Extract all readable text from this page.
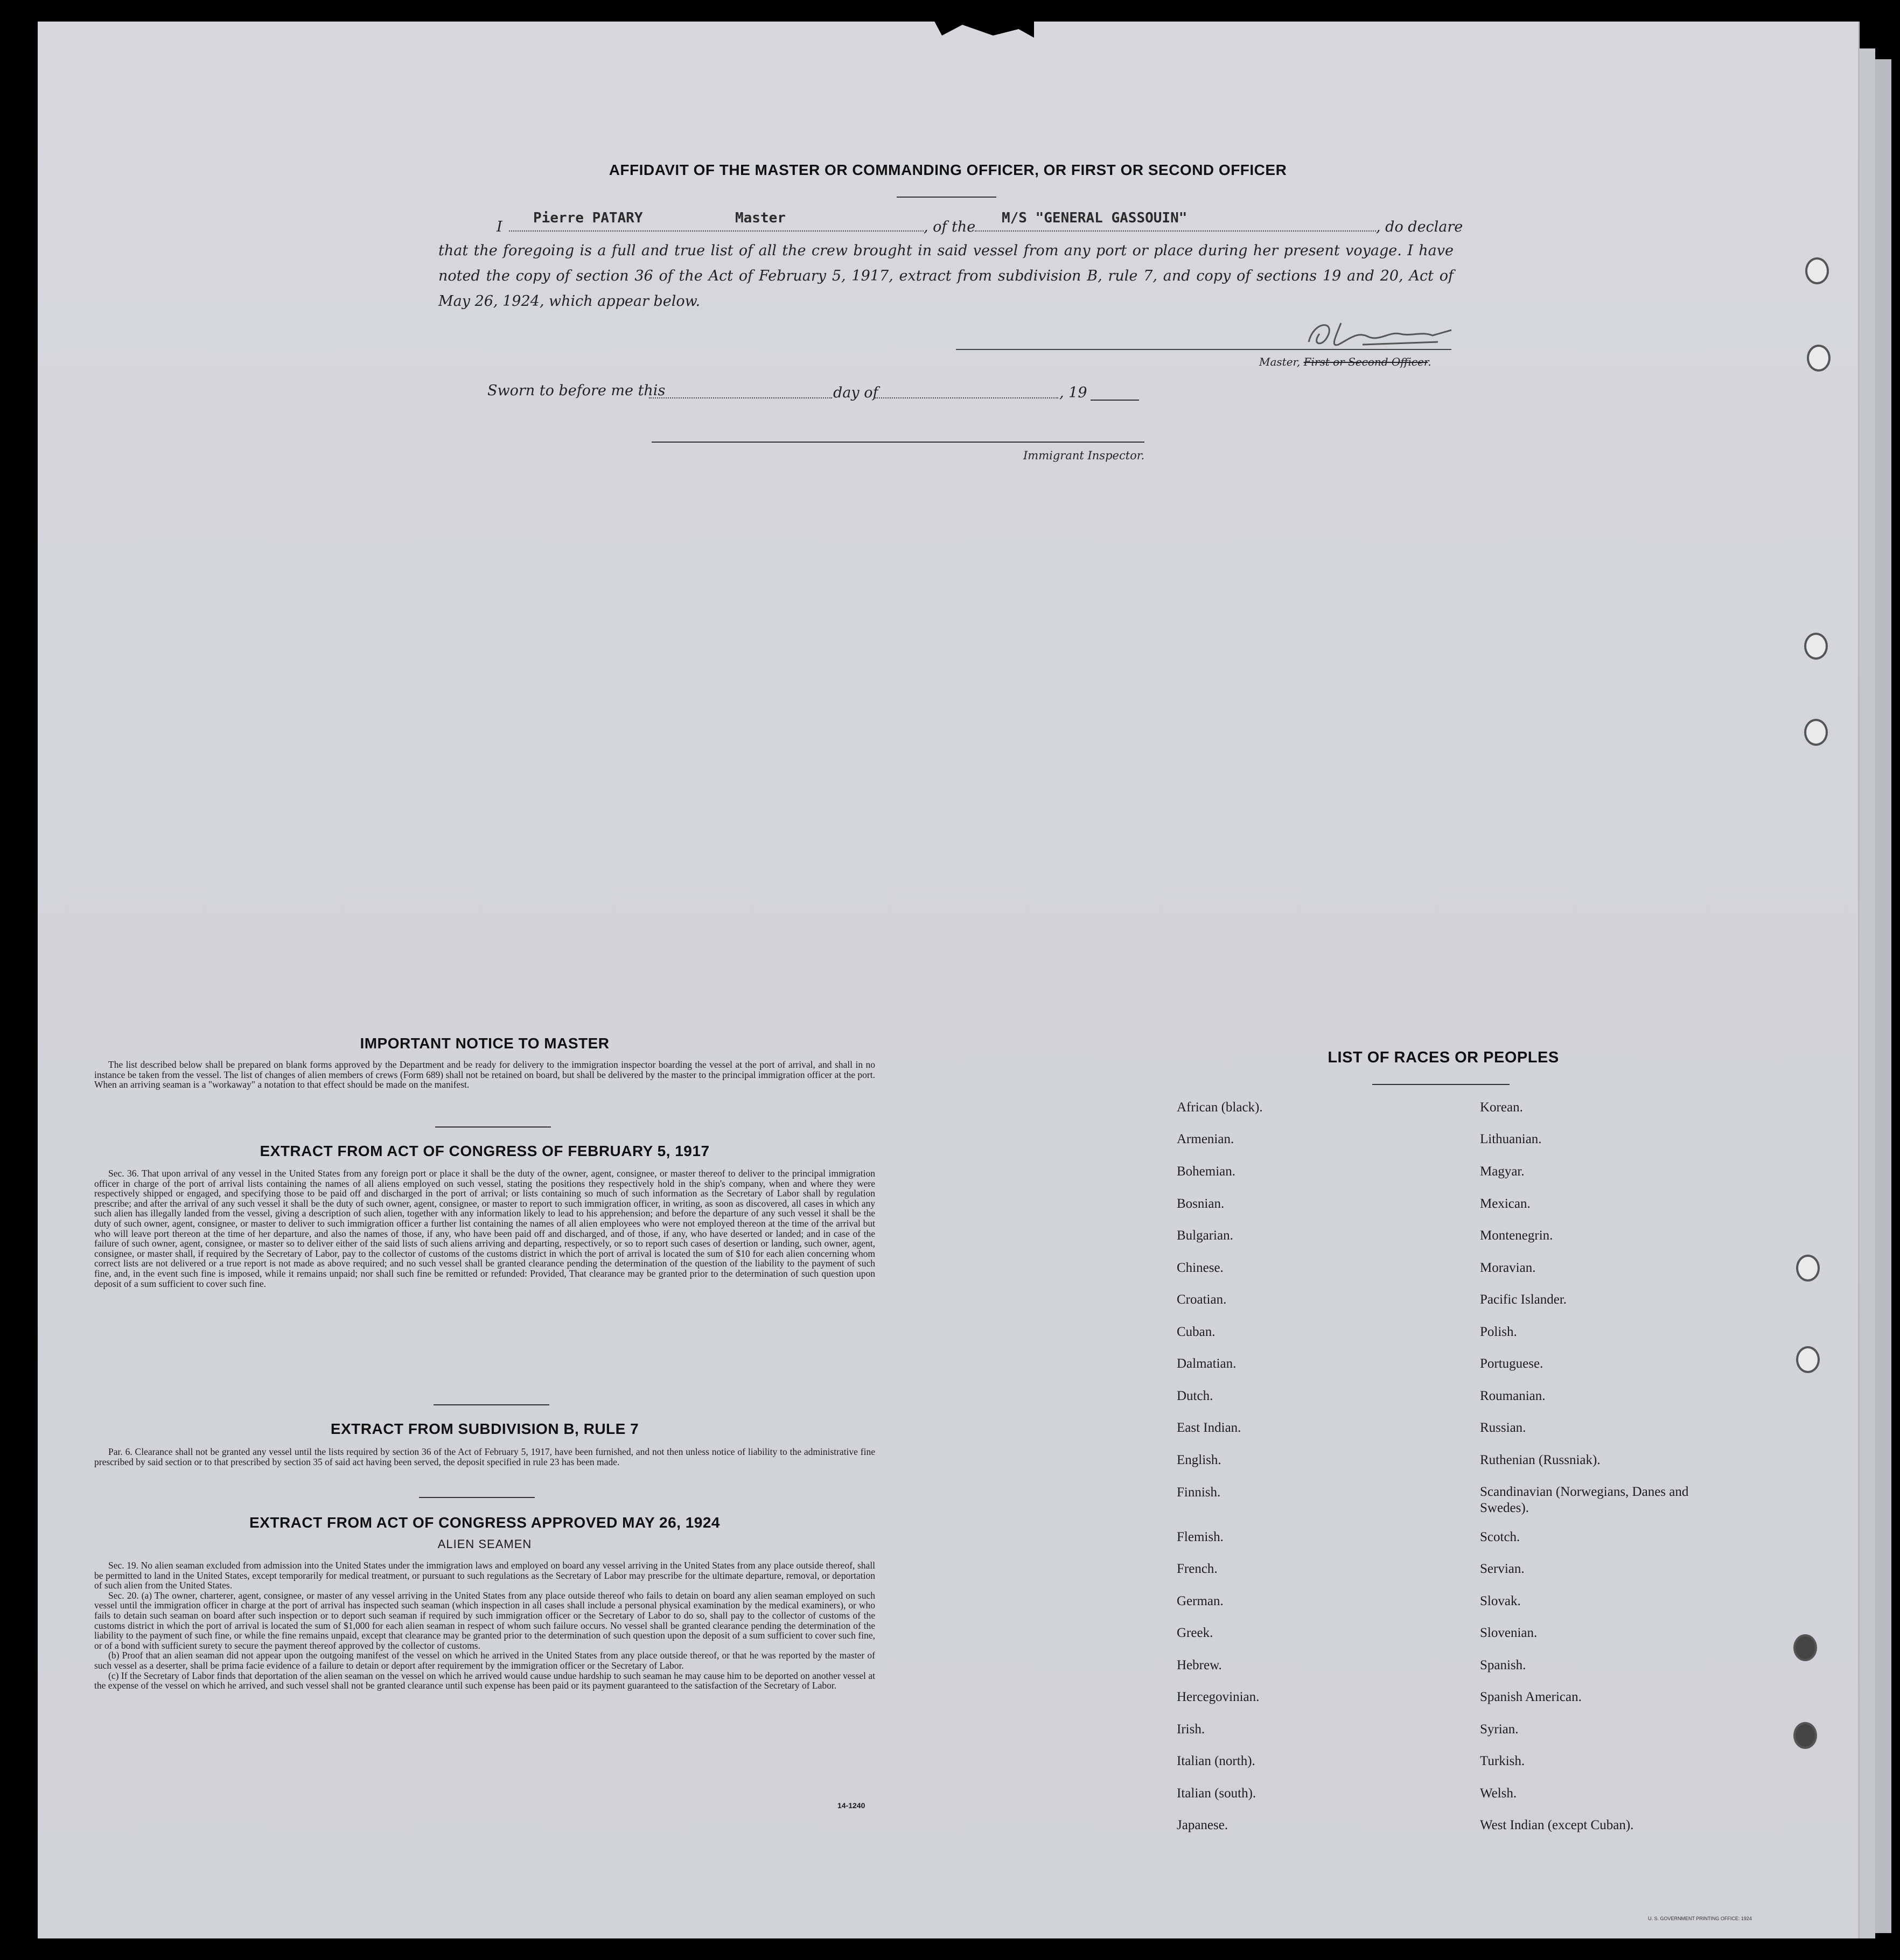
AFFIDAVIT OF THE MASTER OR COMMANDING OFFICER, OR FIRST OR SECOND OFFICER
I
Pierre PATARY	Master
, of the
M/S "GENERAL GASSOUIN"
, do declare
that the foregoing is a full and true list of all the crew brought in said vessel from any port or place during her present voyage. I have noted the copy of section 36 of the Act of February 5, 1917, extract from subdivision B, rule 7, and copy of sections 19 and 20, Act of May 26, 1924, which appear below.
Master, First or Second Officer.
Sworn to before me this	day of	, 19
Immigrant Inspector.
IMPORTANT NOTICE TO MASTER

The list described below shall be prepared on blank forms approved by the Department and be ready for delivery to the immigration inspector boarding the vessel at the port of arrival, and shall in no instance be taken from the vessel. The list of changes of alien members of crews (Form 689) shall not be retained on board, but shall be delivered by the master to the principal immigration officer at the port. When an arriving seaman is a "workaway" a notation to that effect should be made on the manifest.

EXTRACT FROM ACT OF CONGRESS OF FEBRUARY 5, 1917

Sec. 36. That upon arrival of any vessel in the United States from any foreign port or place it shall be the duty of the owner, agent, consignee, or master thereof to deliver to the principal immigration officer in charge of the port of arrival lists containing the names of all aliens employed on such vessel, stating the positions they respectively hold in the ship's company, when and where they were respectively shipped or engaged, and specifying those to be paid off and discharged in the port of arrival; or lists containing so much of such information as the Secretary of Labor shall by regulation prescribe; and after the arrival of any such vessel it shall be the duty of such owner, agent, consignee, or master to report to such immigration officer, in writing, as soon as discovered, all cases in which any such alien has illegally landed from the vessel, giving a description of such alien, together with any information likely to lead to his apprehension; and before the departure of any such vessel it shall be the duty of such owner, agent, consignee, or master to deliver to such immigration officer a further list containing the names of all alien employees who were not employed thereon at the time of the arrival but who will leave port thereon at the time of her departure, and also the names of those, if any, who have been paid off and discharged, and of those, if any, who have deserted or landed; and in case of the failure of such owner, agent, consignee, or master so to deliver either of the said lists of such aliens arriving and departing, respectively, or so to report such cases of desertion or landing, such owner, agent, consignee, or master shall, if required by the Secretary of Labor, pay to the collector of customs of the customs district in which the port of arrival is located the sum of $10 for each alien concerning whom correct lists are not delivered or a true report is not made as above required; and no such vessel shall be granted clearance pending the determination of the question of the liability to the payment of such fine, and, in the event such fine is imposed, while it remains unpaid; nor shall such fine be remitted or refunded: Provided, That clearance may be granted prior to the determination of such question upon deposit of a sum sufficient to cover such fine.

EXTRACT FROM SUBDIVISION B, RULE 7

Par. 6. Clearance shall not be granted any vessel until the lists required by section 36 of the Act of February 5, 1917, have been furnished, and not then unless notice of liability to the administrative fine prescribed by said section or to that prescribed by section 35 of said act having been served, the deposit specified in rule 23 has been made.

EXTRACT FROM ACT OF CONGRESS APPROVED MAY 26, 1924
ALIEN SEAMEN

Sec. 19. No alien seaman excluded from admission into the United States under the immigration laws and employed on board any vessel arriving in the United States from any place outside thereof, shall be permitted to land in the United States, except temporarily for medical treatment, or pursuant to such regulations as the Secretary of Labor may prescribe for the ultimate departure, removal, or deportation of such alien from the United States.

Sec. 20. (a) The owner, charterer, agent, consignee, or master of any vessel arriving in the United States from any place outside thereof who fails to detain on board any alien seaman employed on such vessel until the immigration officer in charge at the port of arrival has inspected such seaman (which inspection in all cases shall include a personal physical examination by the medical examiners), or who fails to detain such seaman on board after such inspection or to deport such seaman if required by such immigration officer or the Secretary of Labor to do so, shall pay to the collector of customs of the customs district in which the port of arrival is located the sum of $1,000 for each alien seaman in respect of whom such failure occurs. No vessel shall be granted clearance pending the determination of the liability to the payment of such fine, or while the fine remains unpaid, except that clearance may be granted prior to the determination of such question upon the deposit of a sum sufficient to cover such fine, or of a bond with sufficient surety to secure the payment thereof approved by the collector of customs.

(b) Proof that an alien seaman did not appear upon the outgoing manifest of the vessel on which he arrived in the United States from any place outside thereof, or that he was reported by the master of such vessel as a deserter, shall be prima facie evidence of a failure to detain or deport after requirement by the immigration officer or the Secretary of Labor.

(c) If the Secretary of Labor finds that deportation of the alien seaman on the vessel on which he arrived would cause undue hardship to such seaman he may cause him to be deported on another vessel at the expense of the vessel on which he arrived, and such vessel shall not be granted clearance until such expense has been paid or its payment guaranteed to the satisfaction of the Secretary of Labor.

14-1240
U. S. GOVERNMENT PRINTING OFFICE: 1924
LIST OF RACES OR PEOPLES
African (black).
Armenian.
Bohemian.
Bosnian.
Bulgarian.
Chinese.
Croatian.
Cuban.
Dalmatian.
Dutch.
East Indian.
English.
Finnish.
Flemish.
French.
German.
Greek.
Hebrew.
Hercegovinian.
Irish.
Italian (north).
Italian (south).
Japanese.
Korean.
Lithuanian.
Magyar.
Mexican.
Montenegrin.
Moravian.
Pacific Islander.
Polish.
Portuguese.
Roumanian.
Russian.
Ruthenian (Russniak).
Scandinavian (Norwegians, Danes and Swedes).
Scotch.
Servian.
Slovak.
Slovenian.
Spanish.
Spanish American.
Syrian.
Turkish.
Welsh.
West Indian (except Cuban).
